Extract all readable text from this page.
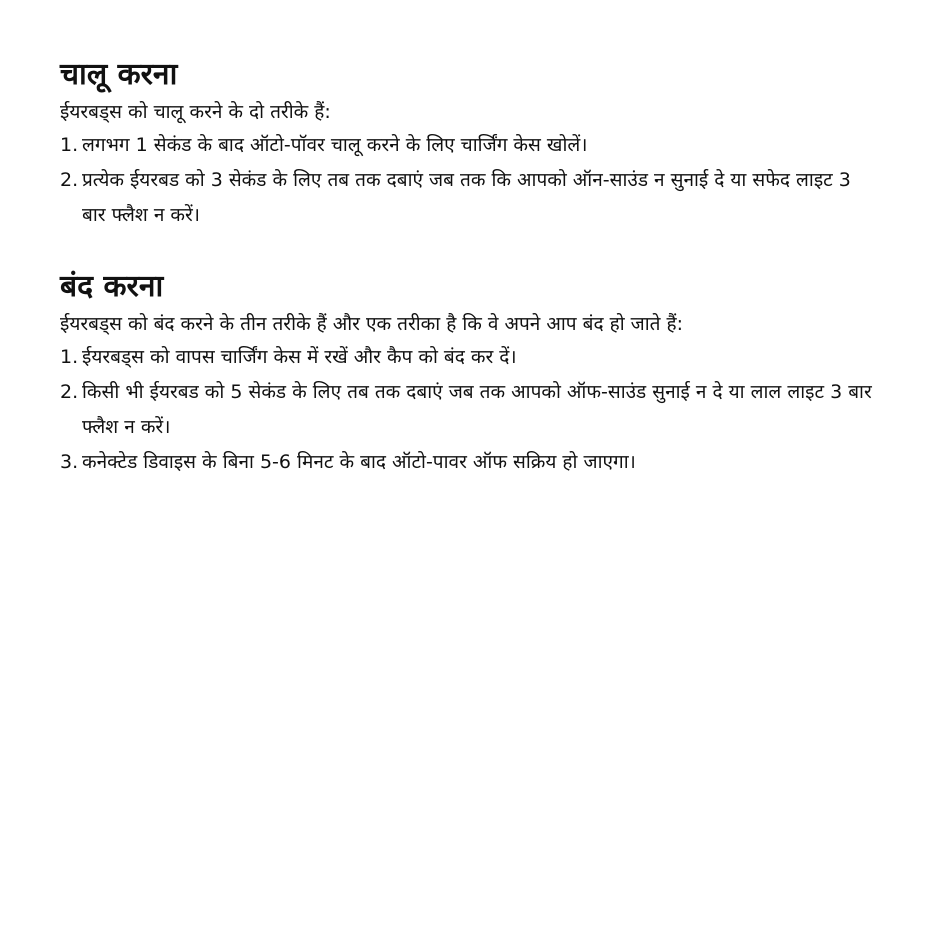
चालू करना

ईयरबड्स को चालू करने के दो तरीके हैं:

1. लगभग 1 सेकंड के बाद ऑटो-पॉवर चालू करने के लिए चार्जिंग केस खोलें।
2. प्रत्येक ईयरबड को 3 सेकंड के लिए तब तक दबाएं जब तक कि आपको ऑन-साउंड न सुनाई दे या सफेद लाइट 3 बार फ्लैश न करें।
बंद करना

ईयरबड्स को बंद करने के तीन तरीके हैं और एक तरीका है कि वे अपने आप बंद हो जाते हैं:

1. ईयरबड्स को वापस चार्जिंग केस में रखें और कैप को बंद कर दें।
2. किसी भी ईयरबड को 5 सेकंड के लिए तब तक दबाएं जब तक आपको ऑफ-साउंड सुनाई न दे या लाल लाइट 3 बार फ्लैश न करें।
3. कनेक्टेड डिवाइस के बिना 5-6 मिनट के बाद ऑटो-पावर ऑफ सक्रिय हो जाएगा।
